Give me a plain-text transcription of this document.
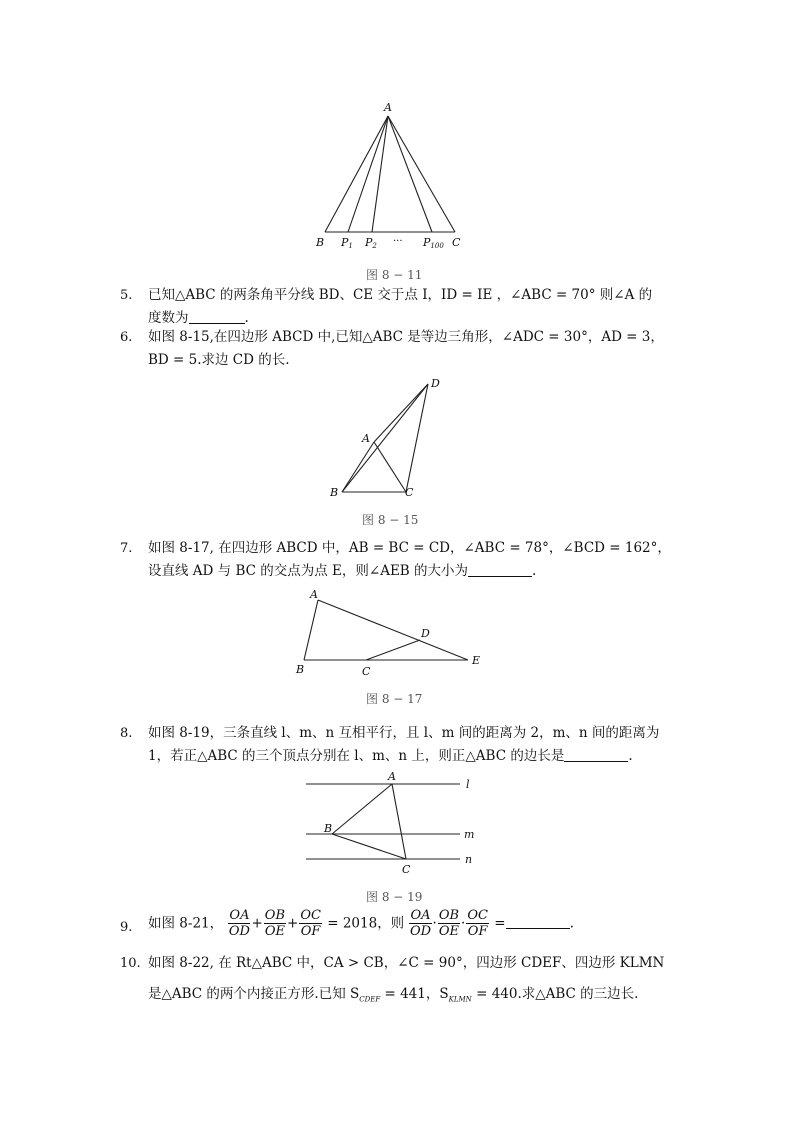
A
B P1 P2 ··· P100 C
图 8 − 11
5. 已知△ABC 的两条角平分线 BD、CE 交于点 I，ID = IE ，∠ABC = 70° 则∠A 的
度数为	.
6. 如图 8-15,在四边形 ABCD 中,已知△ABC 是等边三角形，∠ADC = 30°，AD = 3，
BD = 5.求边 CD 的长.
A
B	C
D
图 8 − 15
7. 如图 8-17, 在四边形 ABCD 中，AB = BC = CD，∠ABC = 78°，∠BCD = 162°，
设直线 AD 与 BC 的交点为点 E，则∠AEB 的大小为	.
A
B	C
D
E
图 8 − 17
8. 如图 8-19，三条直线 l、m、n 互相平行，且 l、m 间的距离为 2，m、n 间的距离为
1，若正△ABC 的三个顶点分别在 l、m、n 上，则正△ABC 的边长是	.
A
B
C
l
m
n
图 8 − 19
9. 如图 8-21， $\frac{OA}{OD} + \frac{OB}{OE} + \frac{OC}{OF} = 2018$，则 $\frac{OA}{OD} \cdot \frac{OB}{OE} \cdot \frac{OC}{OF}$ =	.
10. 如图 8-22, 在 Rt△ABC 中，CA > CB，∠C = 90°，四边形 CDEF、四边形 KLMN
是△ABC 的两个内接正方形.已知 $S_{CDEF} = 441$，$S_{KLMN} = 440$.求△ABC 的三边长.
